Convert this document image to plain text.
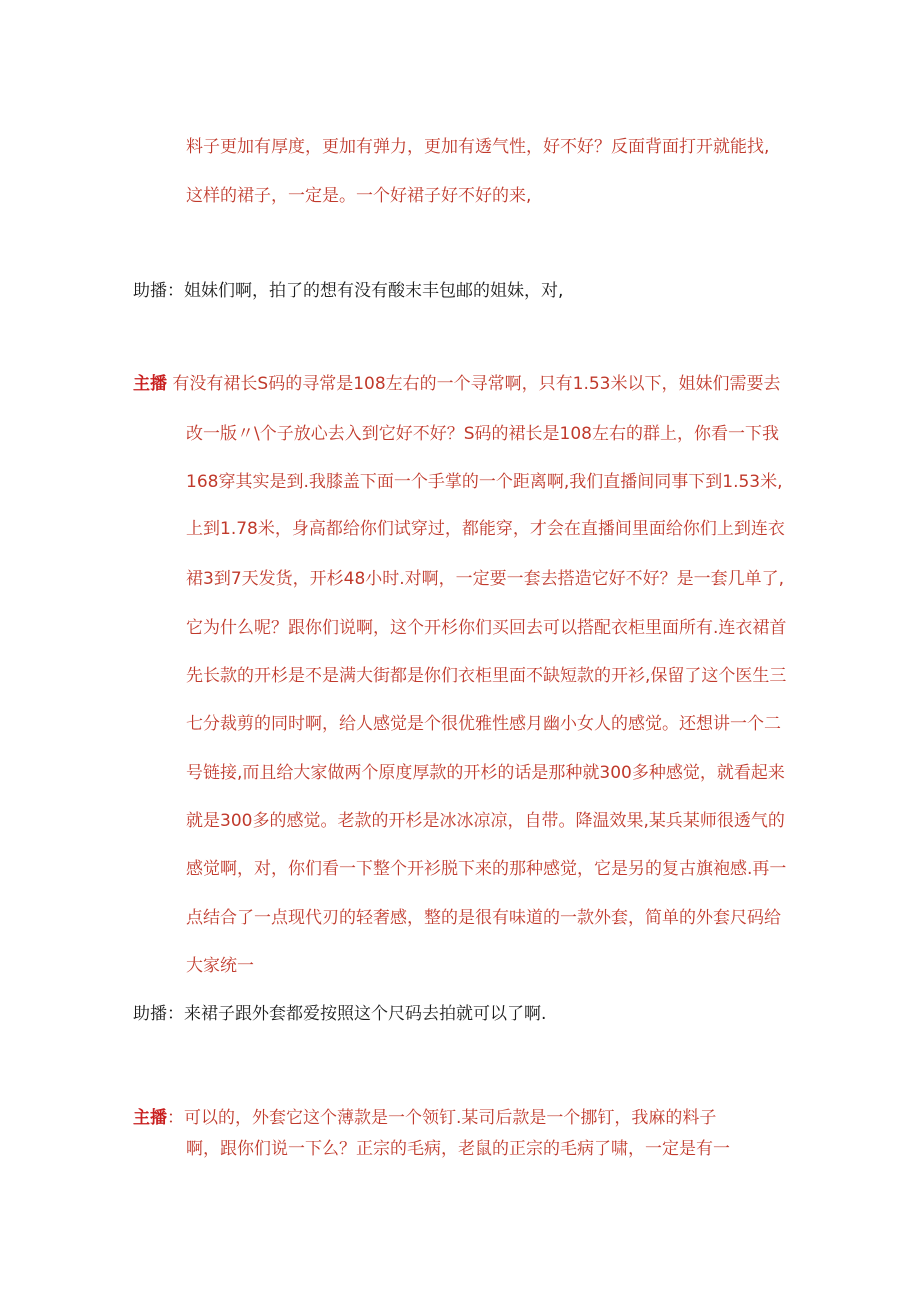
料子更加有厚度，更加有弹力，更加有透气性，好不好？反面背面打开就能找,
这样的裙子，一定是。一个好裙子好不好的来,
助播：姐妹们啊，拍了的想有没有酸末丰包邮的姐妹，对,
主播 有没有裙长S码的寻常是108左右的一个寻常啊，只有1.53米以下，姐妹们需要去
改一版〃\个子放心去入到它好不好？S码的裙长是108左右的群上，你看一下我
168穿其实是到.我膝盖下面一个手掌的一个距离啊,我们直播间同事下到1.53米,
上到1.78米，身高都给你们试穿过，都能穿，才会在直播间里面给你们上到连衣
裙3到7天发货，开杉48小时.对啊，一定要一套去搭造它好不好？是一套几单了,
它为什么呢？跟你们说啊，这个开杉你们买回去可以搭配衣柜里面所有.连衣裙首
先长款的开杉是不是满大街都是你们衣柜里面不缺短款的开衫,保留了这个医生三
七分裁剪的同时啊，给人感觉是个很优雅性感月幽小女人的感觉。还想讲一个二
号链接,而且给大家做两个原度厚款的开杉的话是那种就300多种感觉，就看起来
就是300多的感觉。老款的开杉是冰冰凉凉，自带。降温效果,某兵某师很透气的
感觉啊，对，你们看一下整个开衫脱下来的那种感觉，它是另的复古旗袍感.再一
点结合了一点现代刃的轻奢感，整的是很有味道的一款外套，简单的外套尺码给
大家统一
助播：来裙子跟外套都爱按照这个尺码去拍就可以了啊.
主播：可以的，外套它这个薄款是一个领钉.某司后款是一个挪钉，我麻的料子
啊，跟你们说一下么？正宗的毛病，老鼠的正宗的毛病了啸，一定是有一
